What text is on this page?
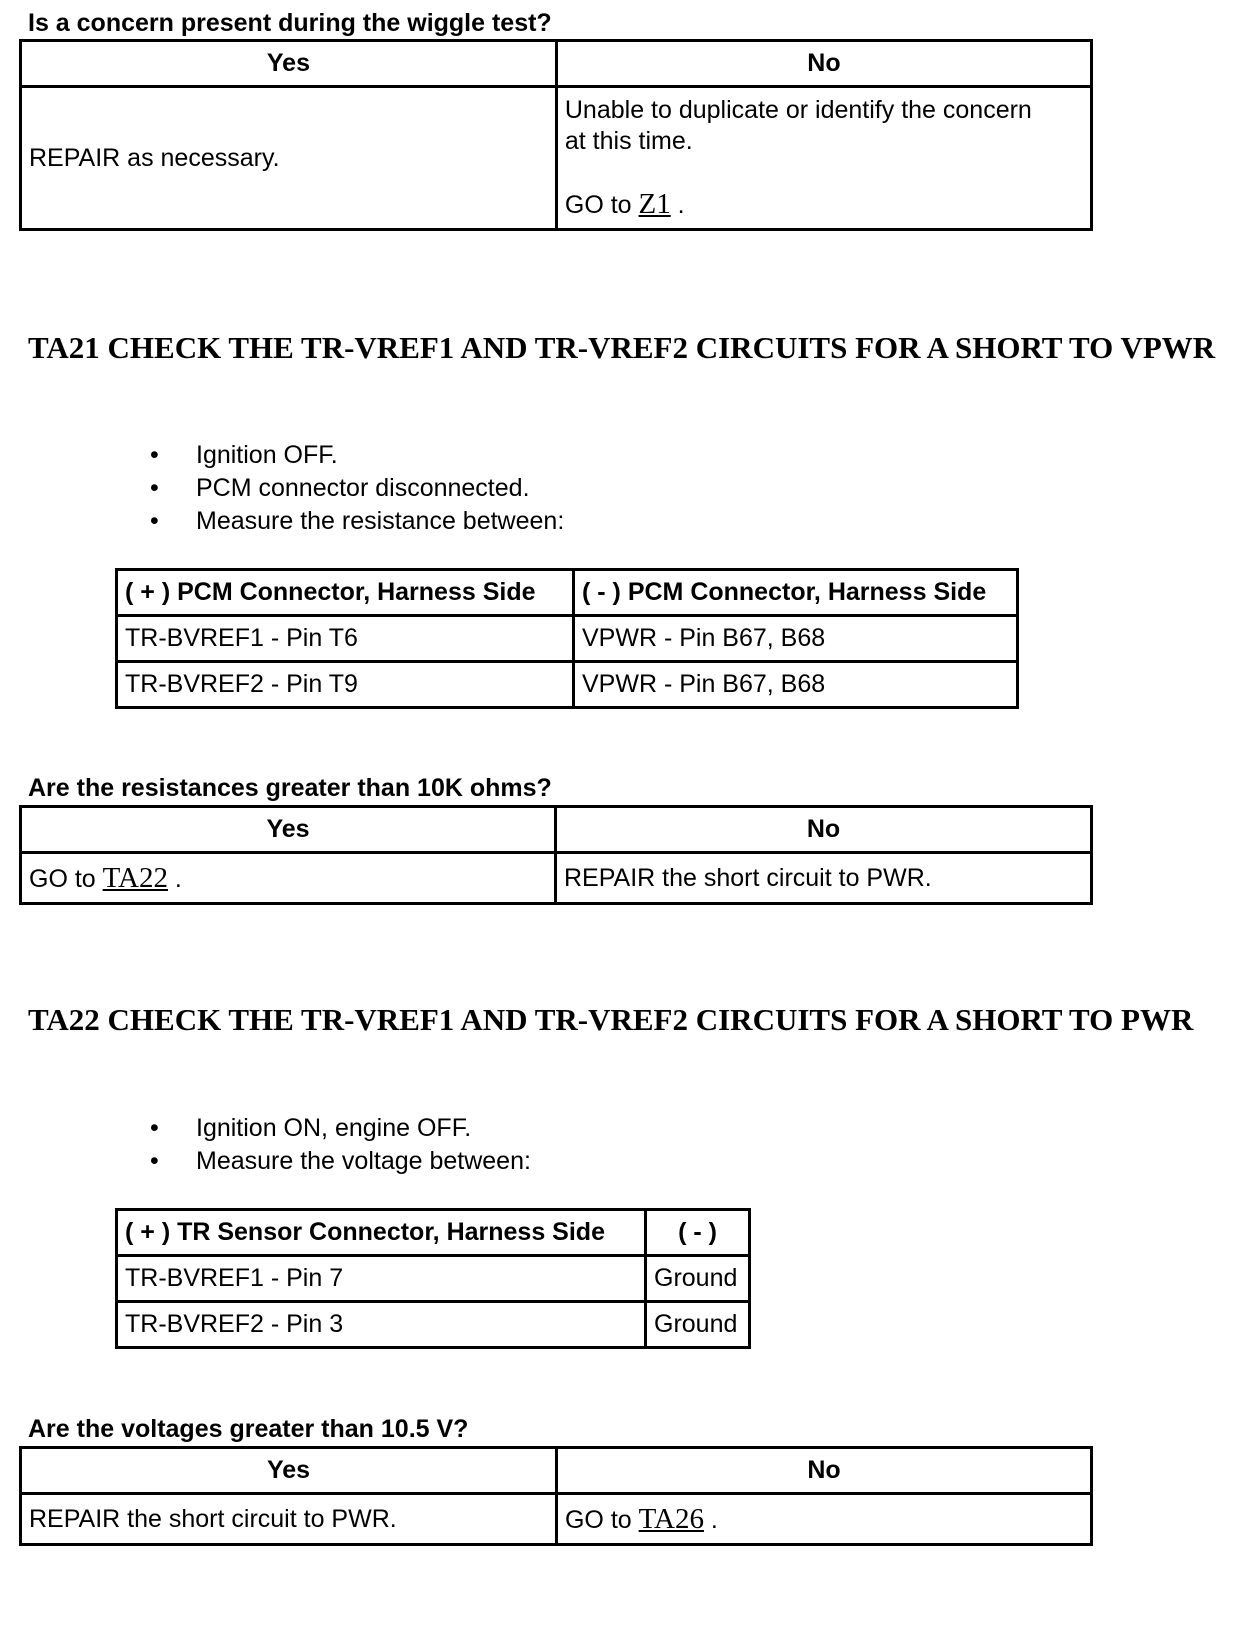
Is a concern present during the wiggle test?
Yes	No
REPAIR as necessary.	Unable to duplicate or identify the concern
at this time.
GO to Z1 .
TA21 CHECK THE TR-VREF1 AND TR-VREF2 CIRCUITS FOR A SHORT TO VPWR
• Ignition OFF.
• PCM connector disconnected.
• Measure the resistance between:
( + ) PCM Connector, Harness Side	( - ) PCM Connector, Harness Side
TR-BVREF1 - Pin T6	VPWR - Pin B67, B68
TR-BVREF2 - Pin T9	VPWR - Pin B67, B68
Are the resistances greater than 10K ohms?
Yes	No
GO to TA22 .	REPAIR the short circuit to PWR.
TA22 CHECK THE TR-VREF1 AND TR-VREF2 CIRCUITS FOR A SHORT TO PWR
• Ignition ON, engine OFF.
• Measure the voltage between:
( + ) TR Sensor Connector, Harness Side	( - )
TR-BVREF1 - Pin 7	Ground
TR-BVREF2 - Pin 3	Ground
Are the voltages greater than 10.5 V?
Yes	No
REPAIR the short circuit to PWR.	GO to TA26 .
